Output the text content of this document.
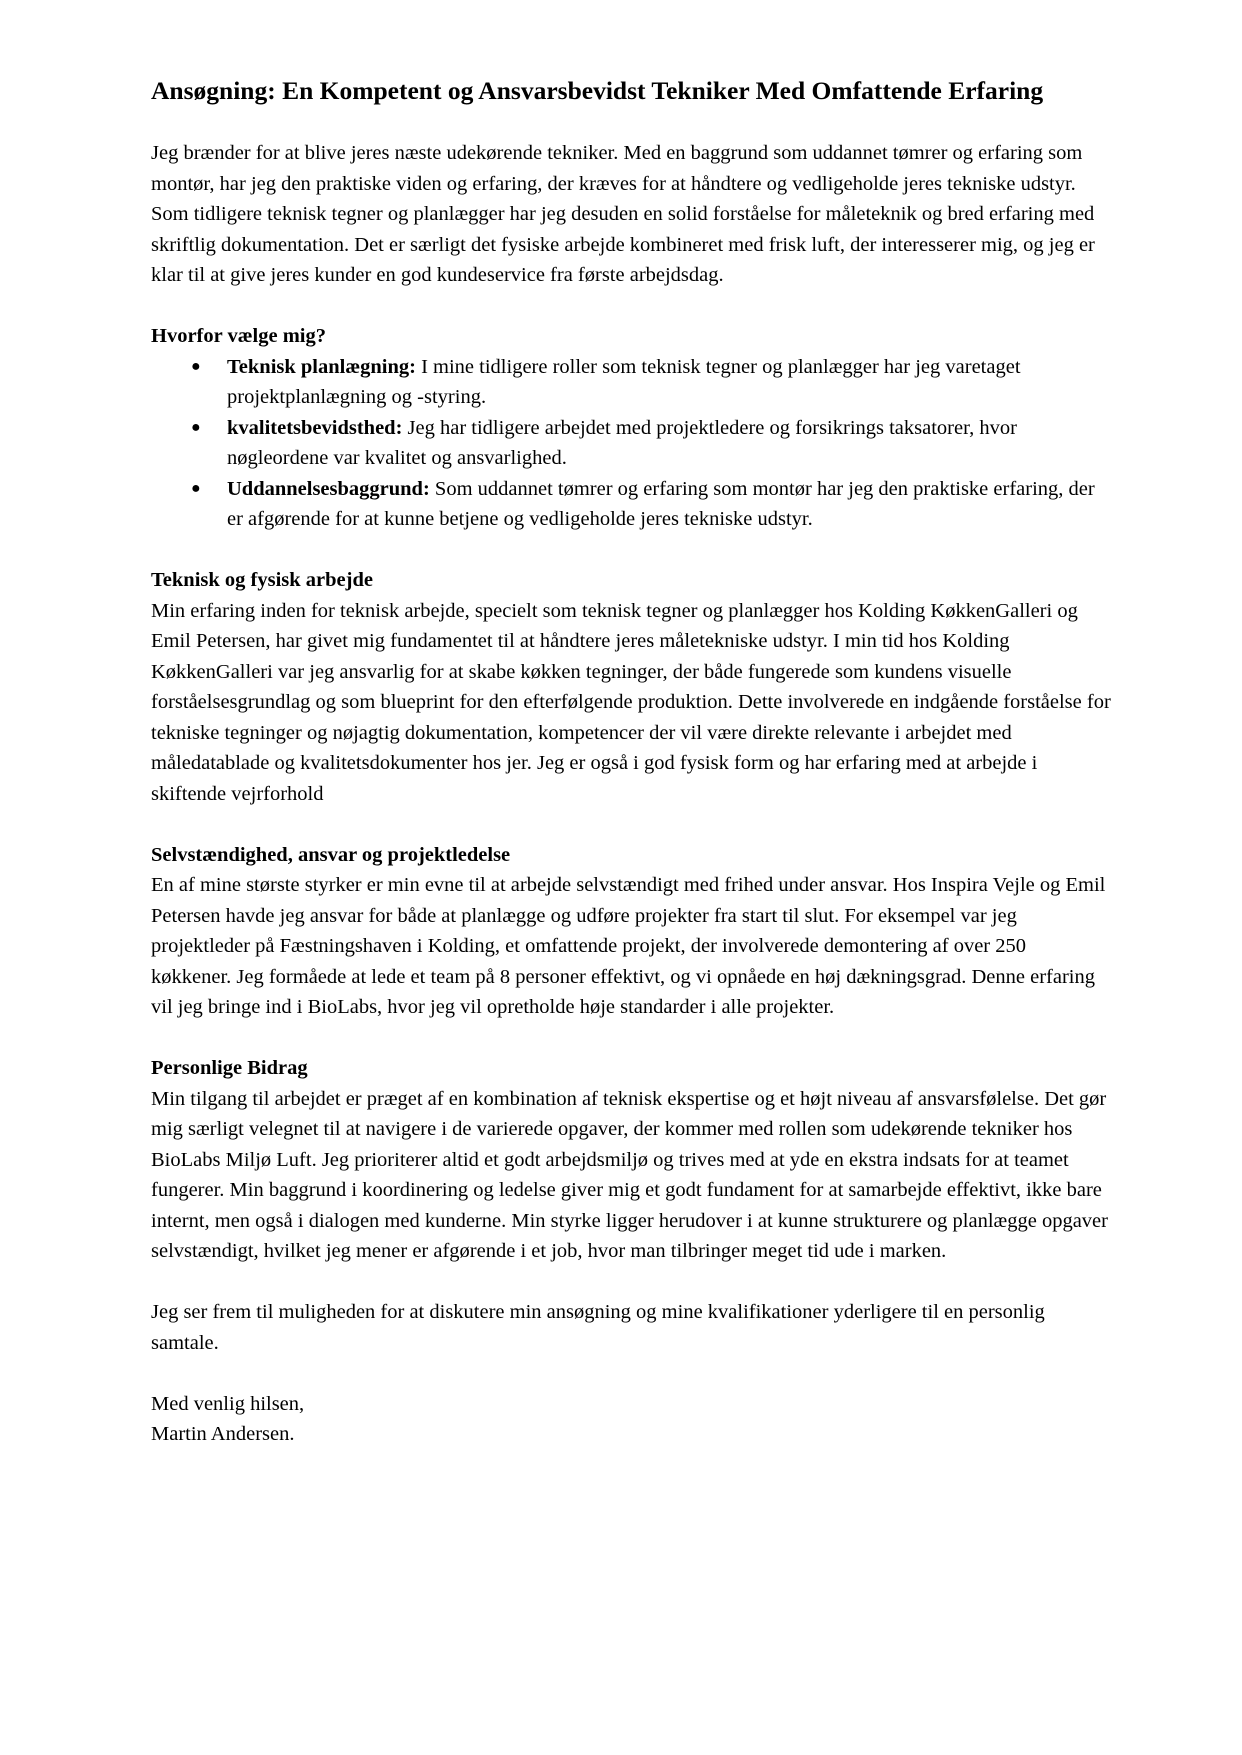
Ansøgning: En Kompetent og Ansvarsbevidst Tekniker Med Omfattende Erfaring

Jeg brænder for at blive jeres næste udekørende tekniker. Med en baggrund som uddannet tømrer og erfaring som montør, har jeg den praktiske viden og erfaring, der kræves for at håndtere og vedligeholde jeres tekniske udstyr. Som tidligere teknisk tegner og planlægger har jeg desuden en solid forståelse for måleteknik og bred erfaring med skriftlig dokumentation. Det er særligt det fysiske arbejde kombineret med frisk luft, der interesserer mig, og jeg er klar til at give jeres kunder en god kundeservice fra første arbejdsdag.

Hvorfor vælge mig?

● Teknisk planlægning: I mine tidligere roller som teknisk tegner og planlægger har jeg varetaget projektplanlægning og -styring.
● kvalitetsbevidsthed: Jeg har tidligere arbejdet med projektledere og forsikrings taksatorer, hvor nøgleordene var kvalitet og ansvarlighed.
● Uddannelsesbaggrund: Som uddannet tømrer og erfaring som montør har jeg den praktiske erfaring, der er afgørende for at kunne betjene og vedligeholde jeres tekniske udstyr.

Teknisk og fysisk arbejde

Min erfaring inden for teknisk arbejde, specielt som teknisk tegner og planlægger hos Kolding KøkkenGalleri og Emil Petersen, har givet mig fundamentet til at håndtere jeres måletekniske udstyr. I min tid hos Kolding KøkkenGalleri var jeg ansvarlig for at skabe køkken tegninger, der både fungerede som kundens visuelle forståelsesgrundlag og som blueprint for den efterfølgende produktion. Dette involverede en indgående forståelse for tekniske tegninger og nøjagtig dokumentation, kompetencer der vil være direkte relevante i arbejdet med måledatablade og kvalitetsdokumenter hos jer. Jeg er også i god fysisk form og har erfaring med at arbejde i skiftende vejrforhold

Selvstændighed, ansvar og projektledelse

En af mine største styrker er min evne til at arbejde selvstændigt med frihed under ansvar. Hos Inspira Vejle og Emil Petersen havde jeg ansvar for både at planlægge og udføre projekter fra start til slut. For eksempel var jeg projektleder på Fæstningshaven i Kolding, et omfattende projekt, der involverede demontering af over 250 køkkener. Jeg formåede at lede et team på 8 personer effektivt, og vi opnåede en høj dækningsgrad. Denne erfaring vil jeg bringe ind i BioLabs, hvor jeg vil opretholde høje standarder i alle projekter.

Personlige Bidrag

Min tilgang til arbejdet er præget af en kombination af teknisk ekspertise og et højt niveau af ansvarsfølelse. Det gør mig særligt velegnet til at navigere i de varierede opgaver, der kommer med rollen som udekørende tekniker hos BioLabs Miljø Luft. Jeg prioriterer altid et godt arbejdsmiljø og trives med at yde en ekstra indsats for at teamet fungerer. Min baggrund i koordinering og ledelse giver mig et godt fundament for at samarbejde effektivt, ikke bare internt, men også i dialogen med kunderne. Min styrke ligger herudover i at kunne strukturere og planlægge opgaver selvstændigt, hvilket jeg mener er afgørende i et job, hvor man tilbringer meget tid ude i marken.

Jeg ser frem til muligheden for at diskutere min ansøgning og mine kvalifikationer yderligere til en personlig samtale.

Med venlig hilsen,

Martin Andersen.
